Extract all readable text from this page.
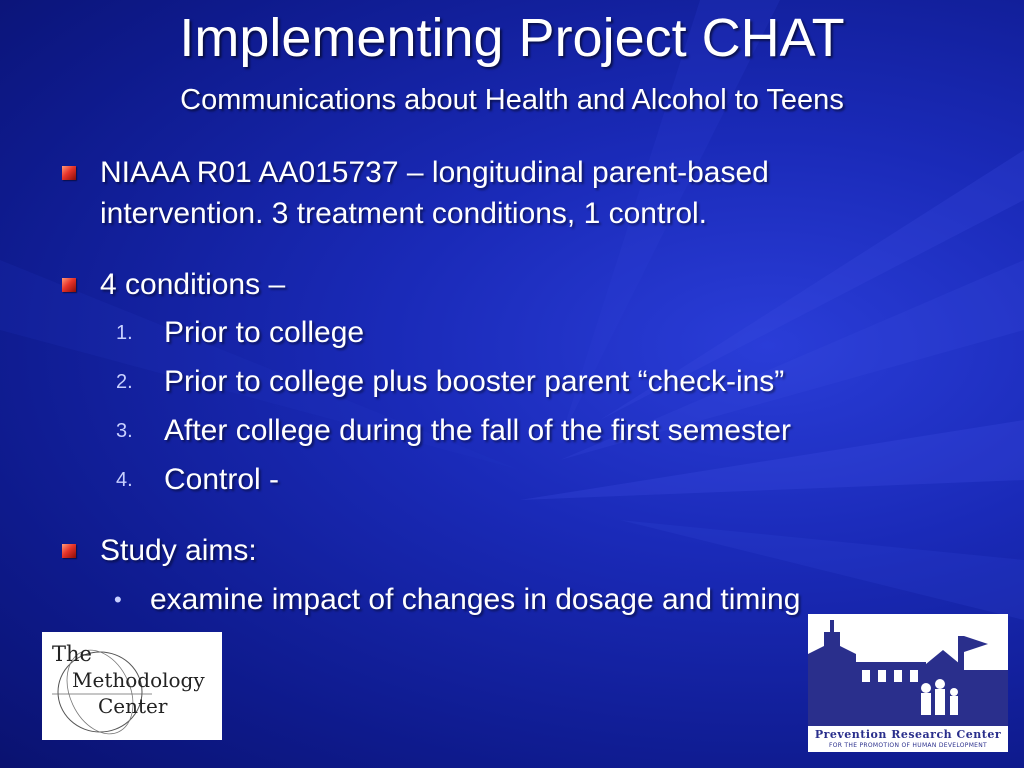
Implementing Project CHAT
Communications about Health and Alcohol to Teens
NIAAA R01 AA015737 – longitudinal parent-based
intervention. 3 treatment conditions, 1 control.
4 conditions –
1. Prior to college
2. Prior to college plus booster parent “check-ins”
3. After college during the fall of the first semester
4. Control -
Study aims:
• examine impact of changes in dosage and timing
The
Methodology
Center
Prevention Research Center
FOR THE PROMOTION OF HUMAN DEVELOPMENT
